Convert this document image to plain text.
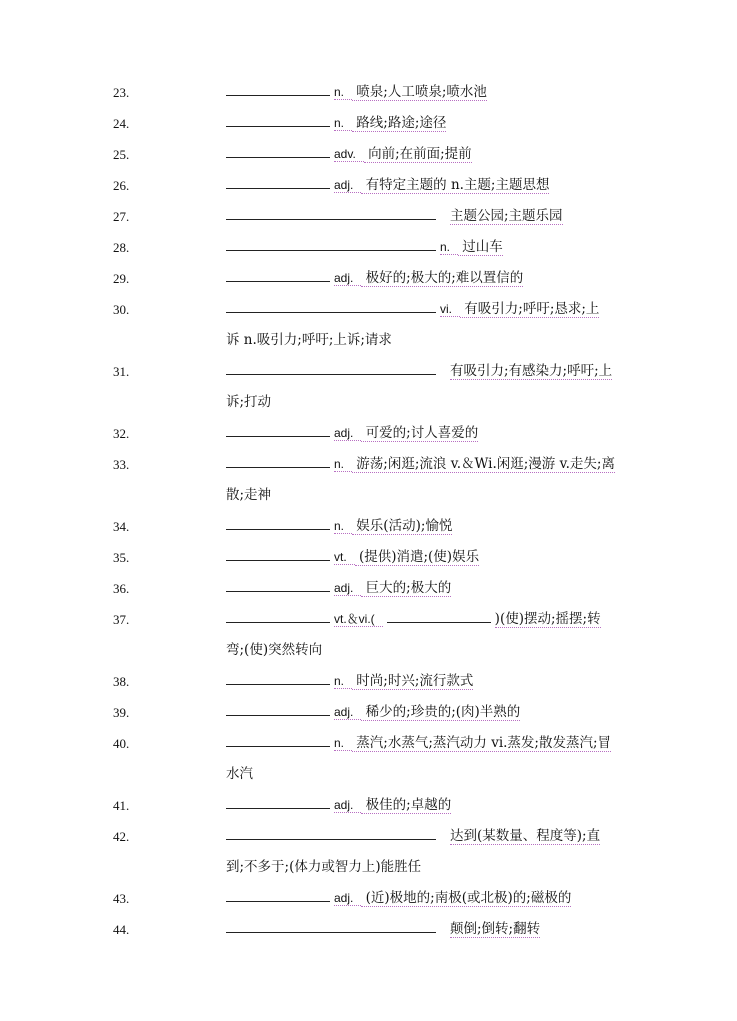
23.	n. 喷泉;人工喷泉;喷水池
24.	n. 路线;路途;途径
25.	adv. 向前;在前面;提前
26.	adj. 有特定主题的 n.主题;主题思想
27.	主题公园;主题乐园
28.	n. 过山车
29.	adj. 极好的;极大的;难以置信的
30.	vi. 有吸引力;呼吁;恳求;上
诉 n.吸引力;呼吁;上诉;请求
31.	有吸引力;有感染力;呼吁;上
诉;打动
32.	adj. 可爱的;讨人喜爱的
33.	n. 游荡;闲逛;流浪 v.＆Wi.闲逛;漫游 v.走失;离
散;走神
34.	n. 娱乐(活动);愉悦
35.	vt. (提供)消遣;(使)娱乐
36.	adj. 巨大的;极大的
37.	vt.＆vi.(	)(使)摆动;摇摆;转
弯;(使)突然转向
38.	n. 时尚;时兴;流行款式
39.	adj. 稀少的;珍贵的;(肉)半熟的
40.	n. 蒸汽;水蒸气;蒸汽动力 vi.蒸发;散发蒸汽;冒
水汽
41.	adj. 极佳的;卓越的
42.	达到(某数量、程度等);直
到;不多于;(体力或智力上)能胜任
43.	adj. (近)极地的;南极(或北极)的;磁极的
44.	颠倒;倒转;翻转
